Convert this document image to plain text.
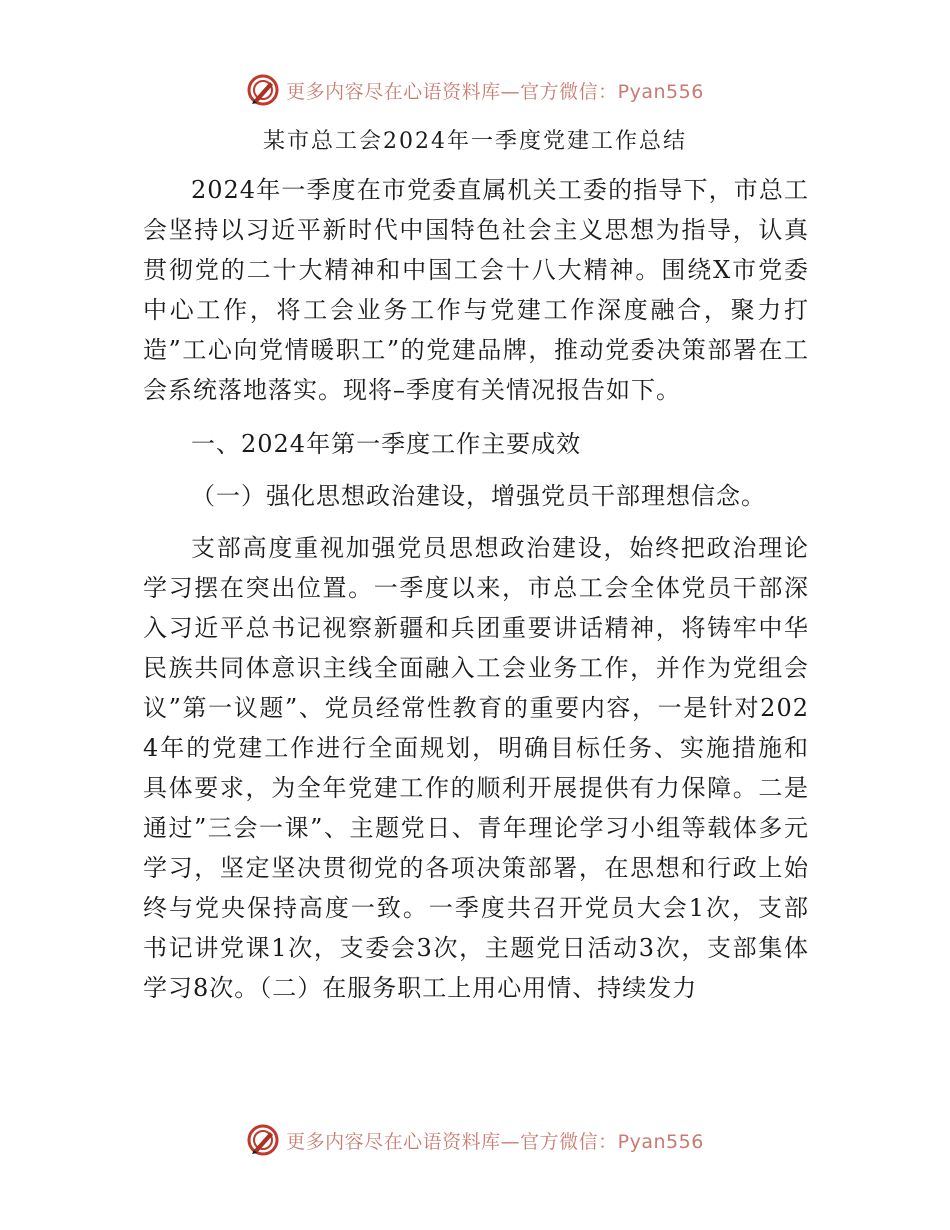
更多内容尽在心语资料库—官方微信：Pyan556
某市总工会2024年一季度党建工作总结

2024年一季度在市党委直属机关工委的指导下，市总工会坚持以习近平新时代中国特色社会主义思想为指导，认真贯彻党的二十大精神和中国工会十八大精神。围绕X市党委中心工作，将工会业务工作与党建工作深度融合，聚力打造”工心向党情暖职工”的党建品牌，推动党委决策部署在工会系统落地落实。现将–季度有关情况报告如下。

一、2024年第一季度工作主要成效

（一）强化思想政治建设，增强党员干部理想信念。

支部高度重视加强党员思想政治建设，始终把政治理论学习摆在突出位置。一季度以来，市总工会全体党员干部深入习近平总书记视察新疆和兵团重要讲话精神，将铸牢中华民族共同体意识主线全面融入工会业务工作，并作为党组会议”第一议题”、党员经常性教育的重要内容，一是针对2024年的党建工作进行全面规划，明确目标任务、实施措施和具体要求，为全年党建工作的顺利开展提供有力保障。二是通过”三会一课”、主题党日、青年理论学习小组等载体多元学习，坚定坚决贯彻党的各项决策部署，在思想和行政上始终与党央保持高度一致。一季度共召开党员大会1次，支部书记讲党课1次，支委会3次，主题党日活动3次，支部集体学习8次。（二）在服务职工上用心用情、持续发力

更多内容尽在心语资料库—官方微信：Pyan556
